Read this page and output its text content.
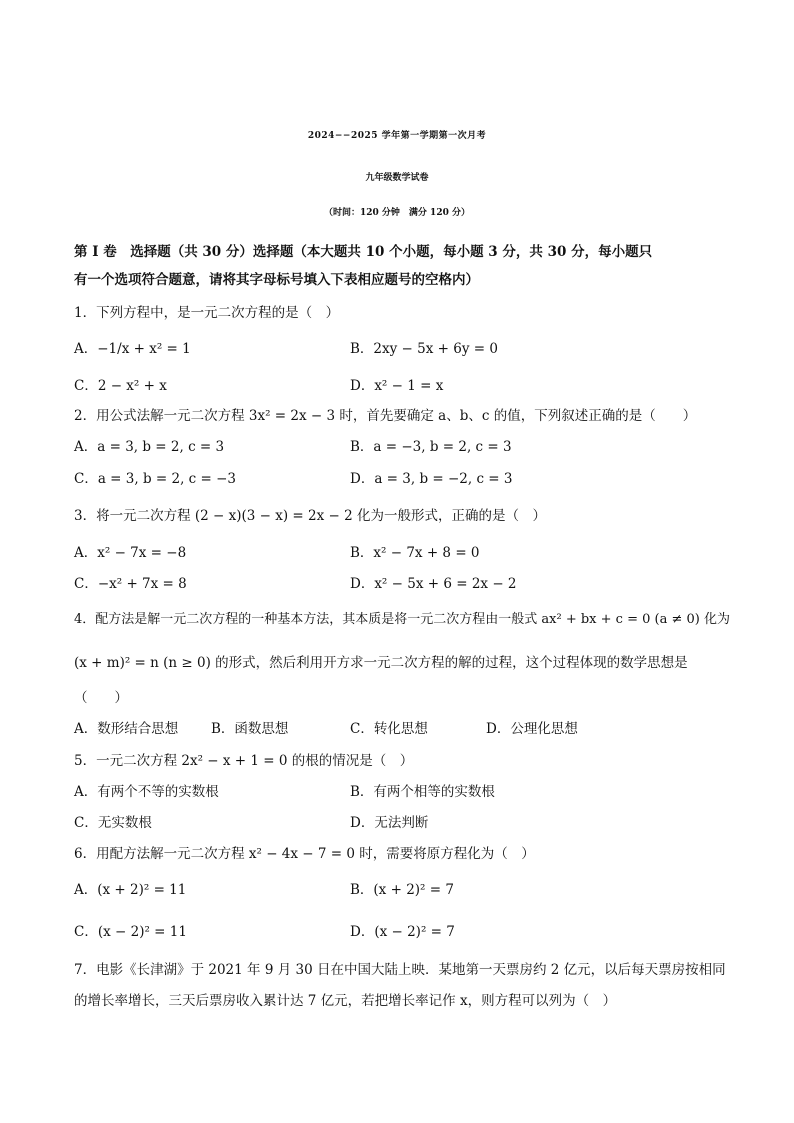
2024−−2025 学年第一学期第一次月考
九年级数学试卷
（时间：120 分钟　满分 120 分）
第 I 卷　选择题（共 30 分）选择题（本大题共 10 个小题，每小题 3 分，共 30 分，每小题只
有一个选项符合题意，请将其字母标号填入下表相应题号的空格内）
1．下列方程中，是一元二次方程的是（　）
A．−1/x + x² = 1	B．2xy − 5x + 6y = 0
C．2 − x² + x	D．x² − 1 = x
2．用公式法解一元二次方程 3x² = 2x − 3 时，首先要确定 a、b、c 的值，下列叙述正确的是（　　）
A．a = 3, b = 2, c = 3	B．a = −3, b = 2, c = 3
C．a = 3, b = 2, c = −3	D．a = 3, b = −2, c = 3
3．将一元二次方程 (2 − x)(3 − x) = 2x − 2 化为一般形式，正确的是（　）
A．x² − 7x = −8	B．x² − 7x + 8 = 0
C．−x² + 7x = 8	D．x² − 5x + 6 = 2x − 2
4．配方法是解一元二次方程的一种基本方法，其本质是将一元二次方程由一般式 ax² + bx + c = 0 (a ≠ 0) 化为
(x + m)² = n (n ≥ 0) 的形式，然后利用开方求一元二次方程的解的过程，这个过程体现的数学思想是
（　　）
A．数形结合思想 B．函数思想	C．转化思想	D．公理化思想
5．一元二次方程 2x² − x + 1 = 0 的根的情况是（　）
A．有两个不等的实数根	B．有两个相等的实数根
C．无实数根	D．无法判断
6．用配方法解一元二次方程 x² − 4x − 7 = 0 时，需要将原方程化为（　）
A．(x + 2)² = 11	B．(x + 2)² = 7
C．(x − 2)² = 11	D．(x − 2)² = 7
7．电影《长津湖》于 2021 年 9 月 30 日在中国大陆上映．某地第一天票房约 2 亿元，以后每天票房按相同
的增长率增长，三天后票房收入累计达 7 亿元，若把增长率记作 x，则方程可以列为（　）
